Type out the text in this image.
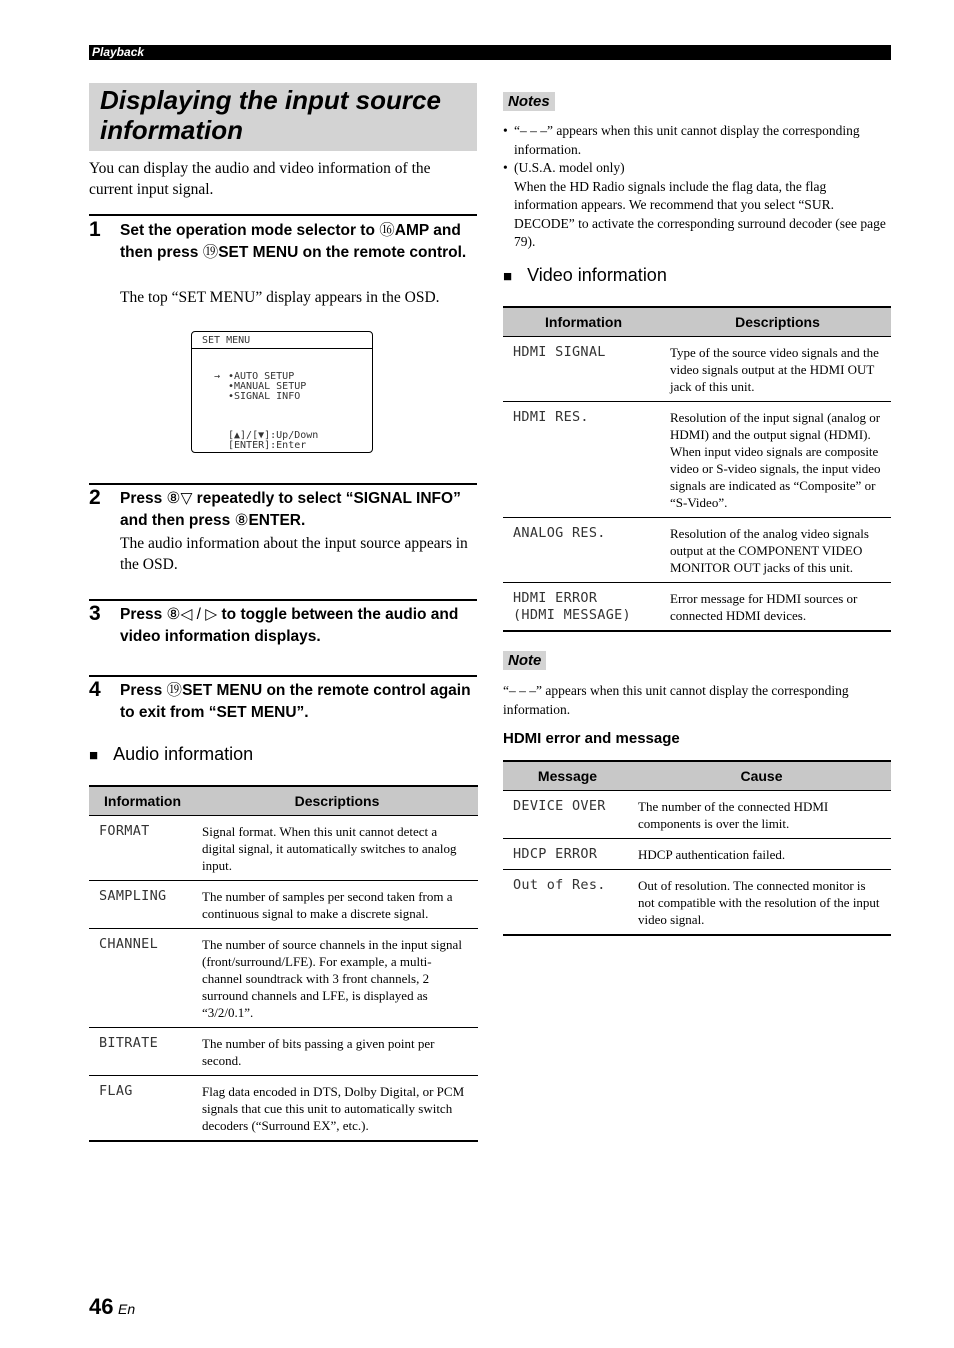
Playback
Displaying the input source information
You can display the audio and video information of the current input signal.
1 Set the operation mode selector to ⑯AMP and then press ⑲SET MENU on the remote control.
The top “SET MENU” display appears in the OSD.
SET MENU
→ •AUTO SETUP
•MANUAL SETUP
•SIGNAL INFO
[▲]/[▼]:Up/Down
[ENTER]:Enter
2 Press ⑧▽ repeatedly to select “SIGNAL INFO” and then press ⑧ENTER.
The audio information about the input source appears in the OSD.
3 Press ⑧◁ / ▷ to toggle between the audio and video information displays.
4 Press ⑲SET MENU on the remote control again to exit from “SET MENU”.
■ Audio information
Information	Descriptions
FORMAT	Signal format. When this unit cannot detect a digital signal, it automatically switches to analog input.
SAMPLING	The number of samples per second taken from a continuous signal to make a discrete signal.
CHANNEL	The number of source channels in the input signal (front/surround/LFE). For example, a multi-channel soundtrack with 3 front channels, 2 surround channels and LFE, is displayed as “3/2/0.1”.
BITRATE	The number of bits passing a given point per second.
FLAG	Flag data encoded in DTS, Dolby Digital, or PCM signals that cue this unit to automatically switch decoders (“Surround EX”, etc.).
Notes
• “– – –” appears when this unit cannot display the corresponding information.
• (U.S.A. model only)
When the HD Radio signals include the flag data, the flag information appears. We recommend that you select “SUR. DECODE” to activate the corresponding surround decoder (see page 79).
■ Video information
Information	Descriptions
HDMI SIGNAL	Type of the source video signals and the video signals output at the HDMI OUT jack of this unit.
HDMI RES.	Resolution of the input signal (analog or HDMI) and the output signal (HDMI). When input video signals are composite video or S-video signals, the input video signals are indicated as “Composite” or “S-Video”.
ANALOG RES.	Resolution of the analog video signals output at the COMPONENT VIDEO MONITOR OUT jacks of this unit.
HDMI ERROR
(HDMI MESSAGE)	Error message for HDMI sources or connected HDMI devices.
Note
“– – –” appears when this unit cannot display the corresponding information.
HDMI error and message
Message	Cause
DEVICE OVER	The number of the connected HDMI components is over the limit.
HDCP ERROR	HDCP authentication failed.
Out of Res.	Out of resolution. The connected monitor is not compatible with the resolution of the input video signal.
46 En
